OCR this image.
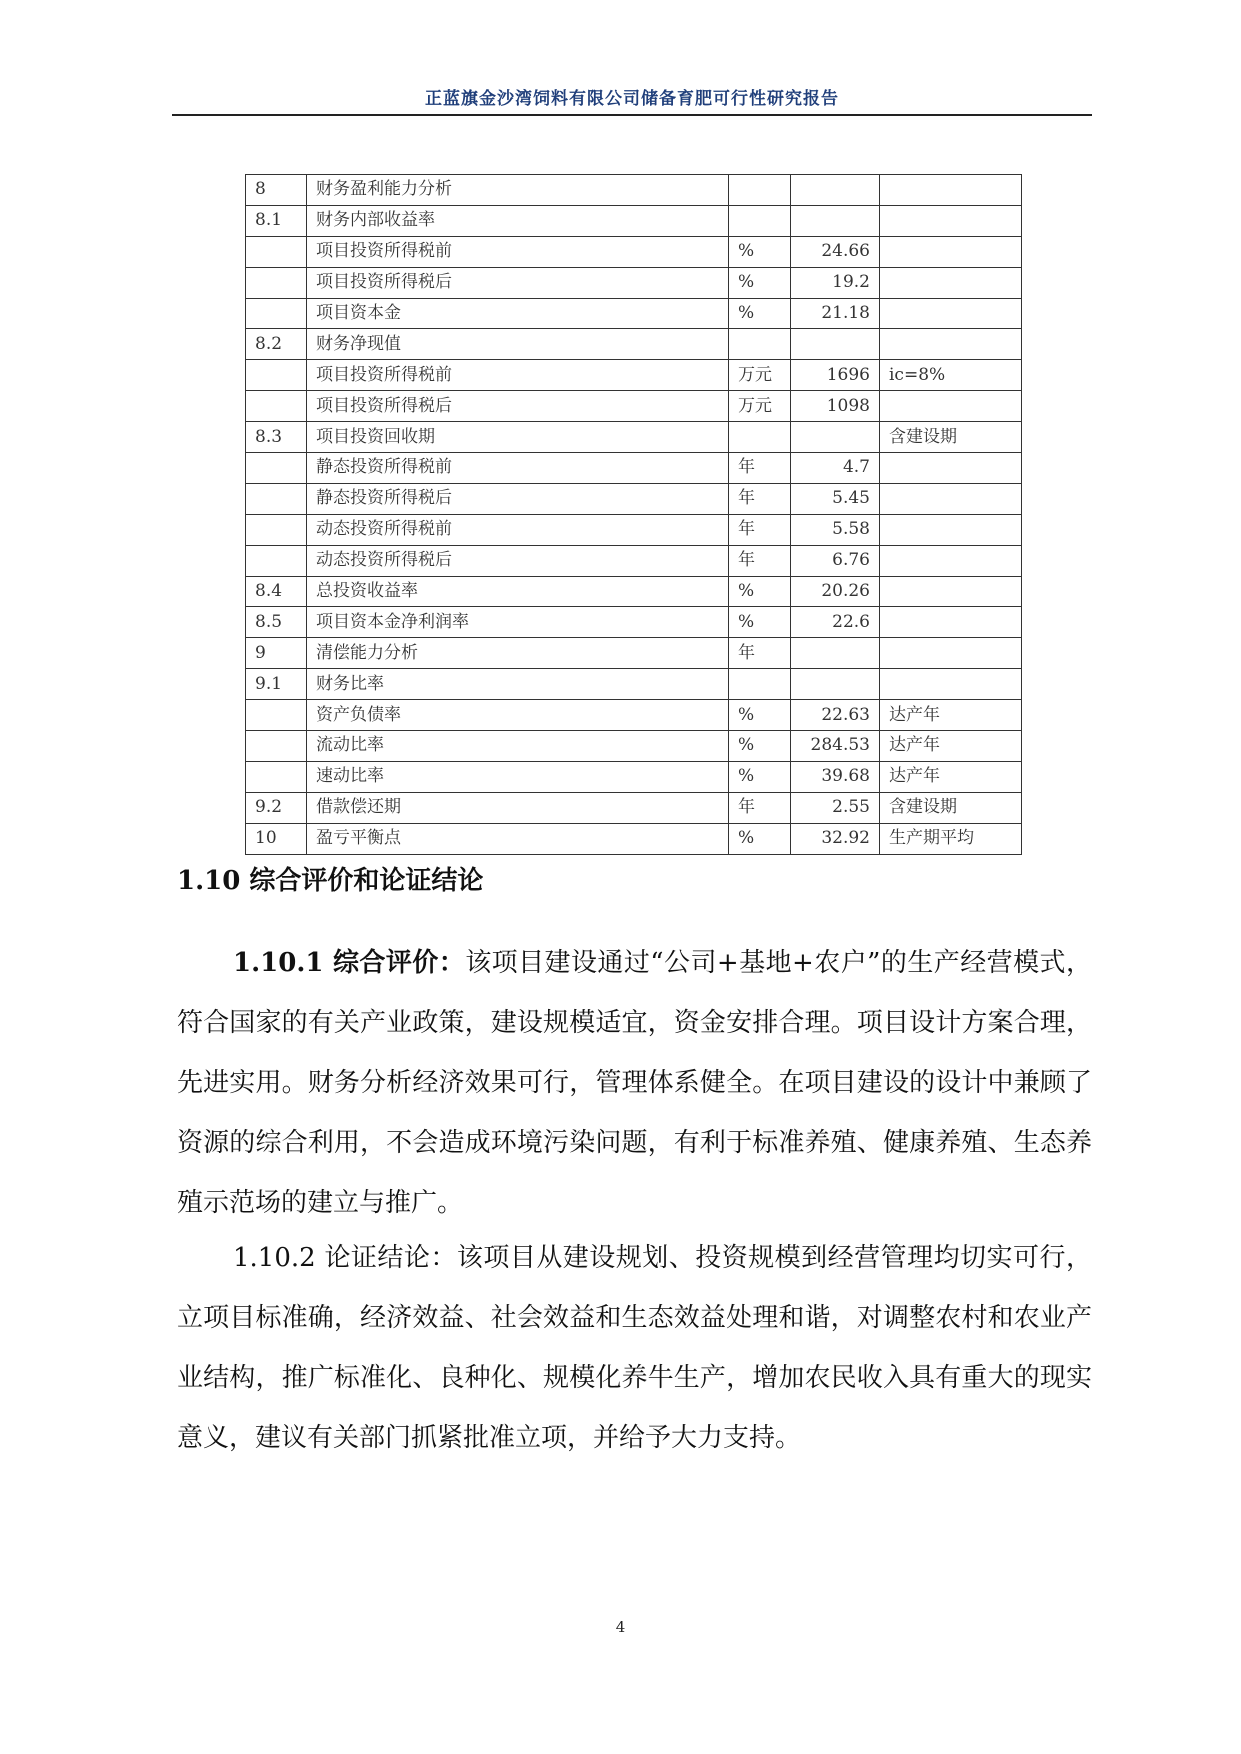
正蓝旗金沙湾饲料有限公司储备育肥可行性研究报告
8	财务盈利能力分析			
8.1	财务内部收益率			
	项目投资所得税前	%	24.66	
	项目投资所得税后	%	19.2	
	项目资本金	%	21.18	
8.2	财务净现值			
	项目投资所得税前	万元	1696	ic=8%
	项目投资所得税后	万元	1098	
8.3	项目投资回收期			含建设期
	静态投资所得税前	年	4.7	
	静态投资所得税后	年	5.45	
	动态投资所得税前	年	5.58	
	动态投资所得税后	年	6.76	
8.4	总投资收益率	%	20.26	
8.5	项目资本金净利润率	%	22.6	
9	清偿能力分析	年		
9.1	财务比率			
	资产负债率	%	22.63	达产年
	流动比率	%	284.53	达产年
	速动比率	%	39.68	达产年
9.2	借款偿还期	年	2.55	含建设期
10	盈亏平衡点	%	32.92	生产期平均
1.10 综合评价和论证结论

1.10.1 综合评价：该项目建设通过“公司+基地+农户”的生产经营模式，符合国家的有关产业政策，建设规模适宜，资金安排合理。项目设计方案合理，先进实用。财务分析经济效果可行，管理体系健全。在项目建设的设计中兼顾了资源的综合利用，不会造成环境污染问题，有利于标准养殖、健康养殖、生态养殖示范场的建立与推广。

1.10.2 论证结论：该项目从建设规划、投资规模到经营管理均切实可行，立项目标准确，经济效益、社会效益和生态效益处理和谐，对调整农村和农业产业结构，推广标准化、良种化、规模化养牛生产，增加农民收入具有重大的现实意义，建议有关部门抓紧批准立项，并给予大力支持。

4
